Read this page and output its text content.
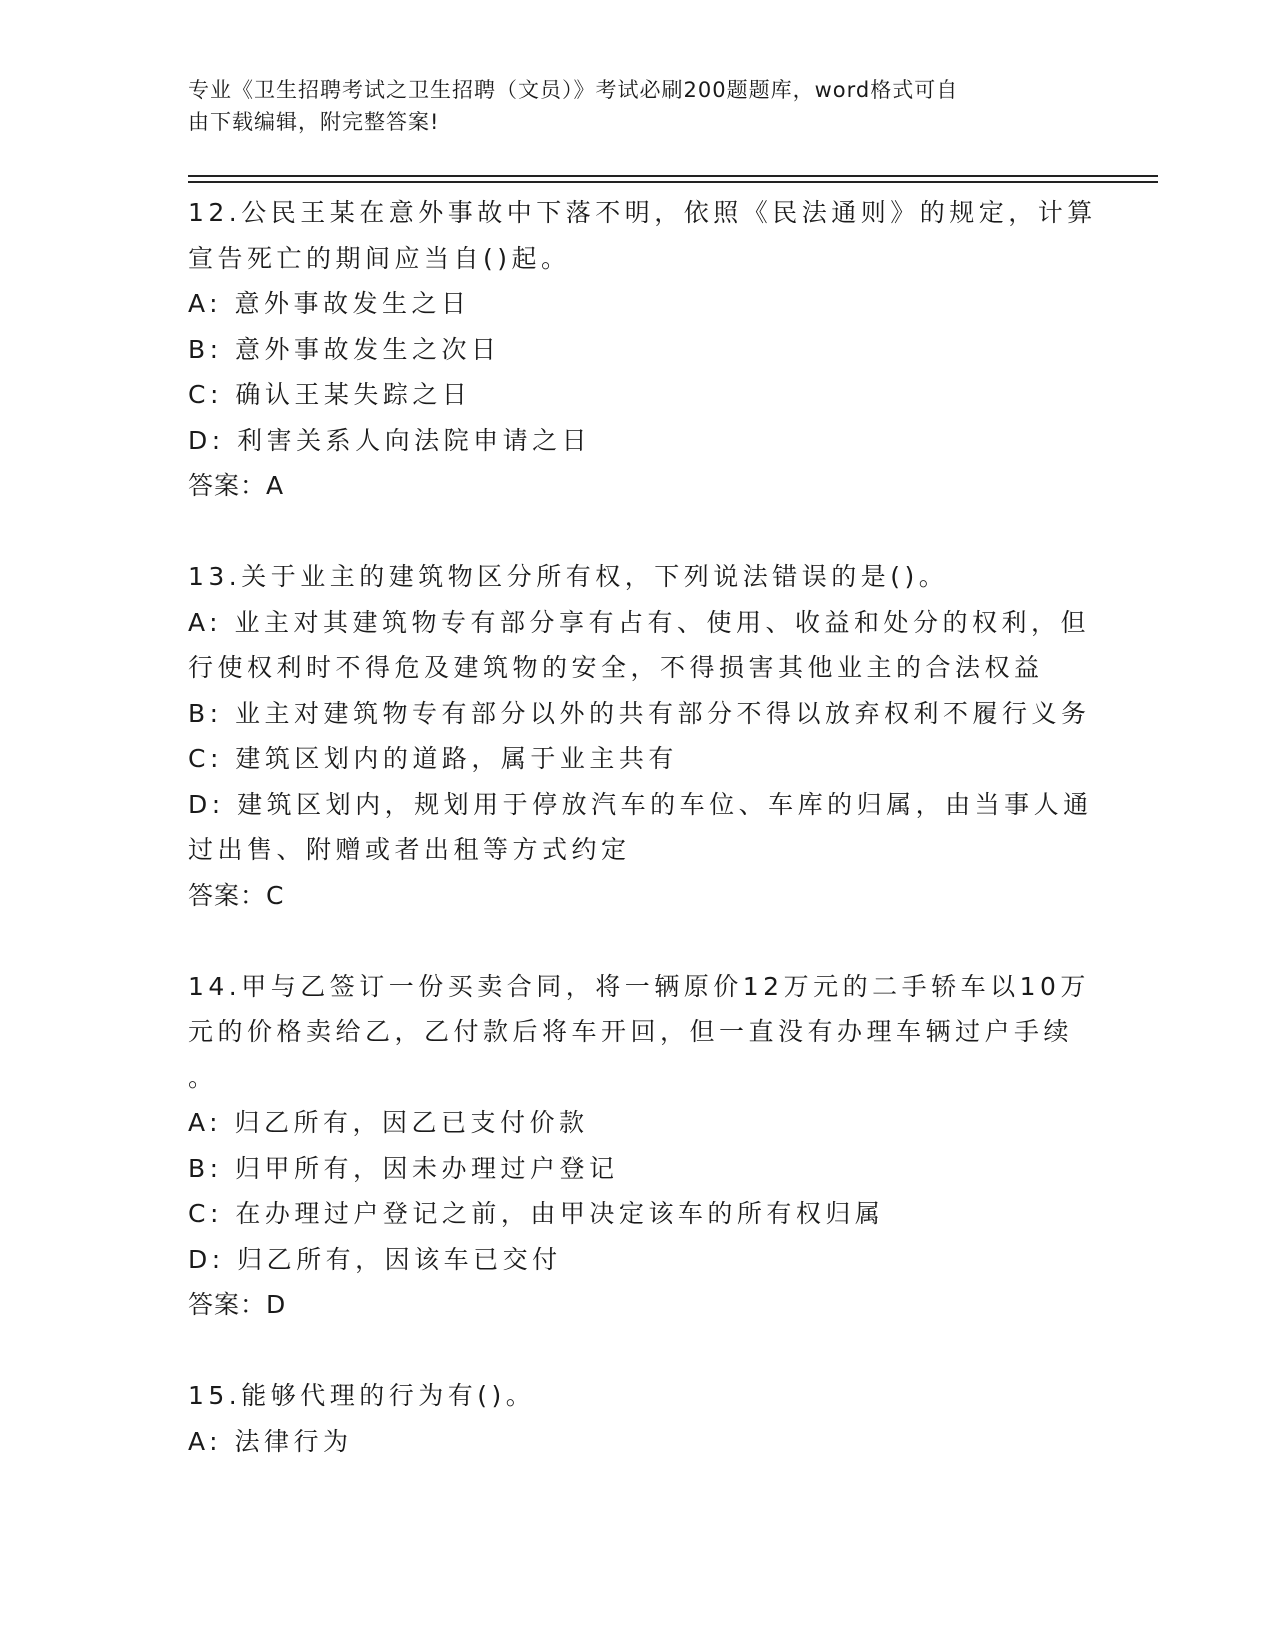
专业《卫生招聘考试之卫生招聘（文员）》考试必刷200题题库，word格式可自
由下载编辑，附完整答案!
12.公民王某在意外事故中下落不明，依照《民法通则》的规定，计算
宣告死亡的期间应当自()起。
A: 意外事故发生之日
B: 意外事故发生之次日
C: 确认王某失踪之日
D: 利害关系人向法院申请之日
答案：A
13.关于业主的建筑物区分所有权，下列说法错误的是()。
A: 业主对其建筑物专有部分享有占有、使用、收益和处分的权利，但
行使权利时不得危及建筑物的安全，不得损害其他业主的合法权益
B: 业主对建筑物专有部分以外的共有部分不得以放弃权利不履行义务
C: 建筑区划内的道路，属于业主共有
D: 建筑区划内，规划用于停放汽车的车位、车库的归属，由当事人通
过出售、附赠或者出租等方式约定
答案：C
14.甲与乙签订一份买卖合同，将一辆原价12万元的二手轿车以10万
元的价格卖给乙，乙付款后将车开回，但一直没有办理车辆过户手续
。
A: 归乙所有，因乙已支付价款
B: 归甲所有，因未办理过户登记
C: 在办理过户登记之前，由甲决定该车的所有权归属
D: 归乙所有，因该车已交付
答案：D
15.能够代理的行为有()。
A: 法律行为
